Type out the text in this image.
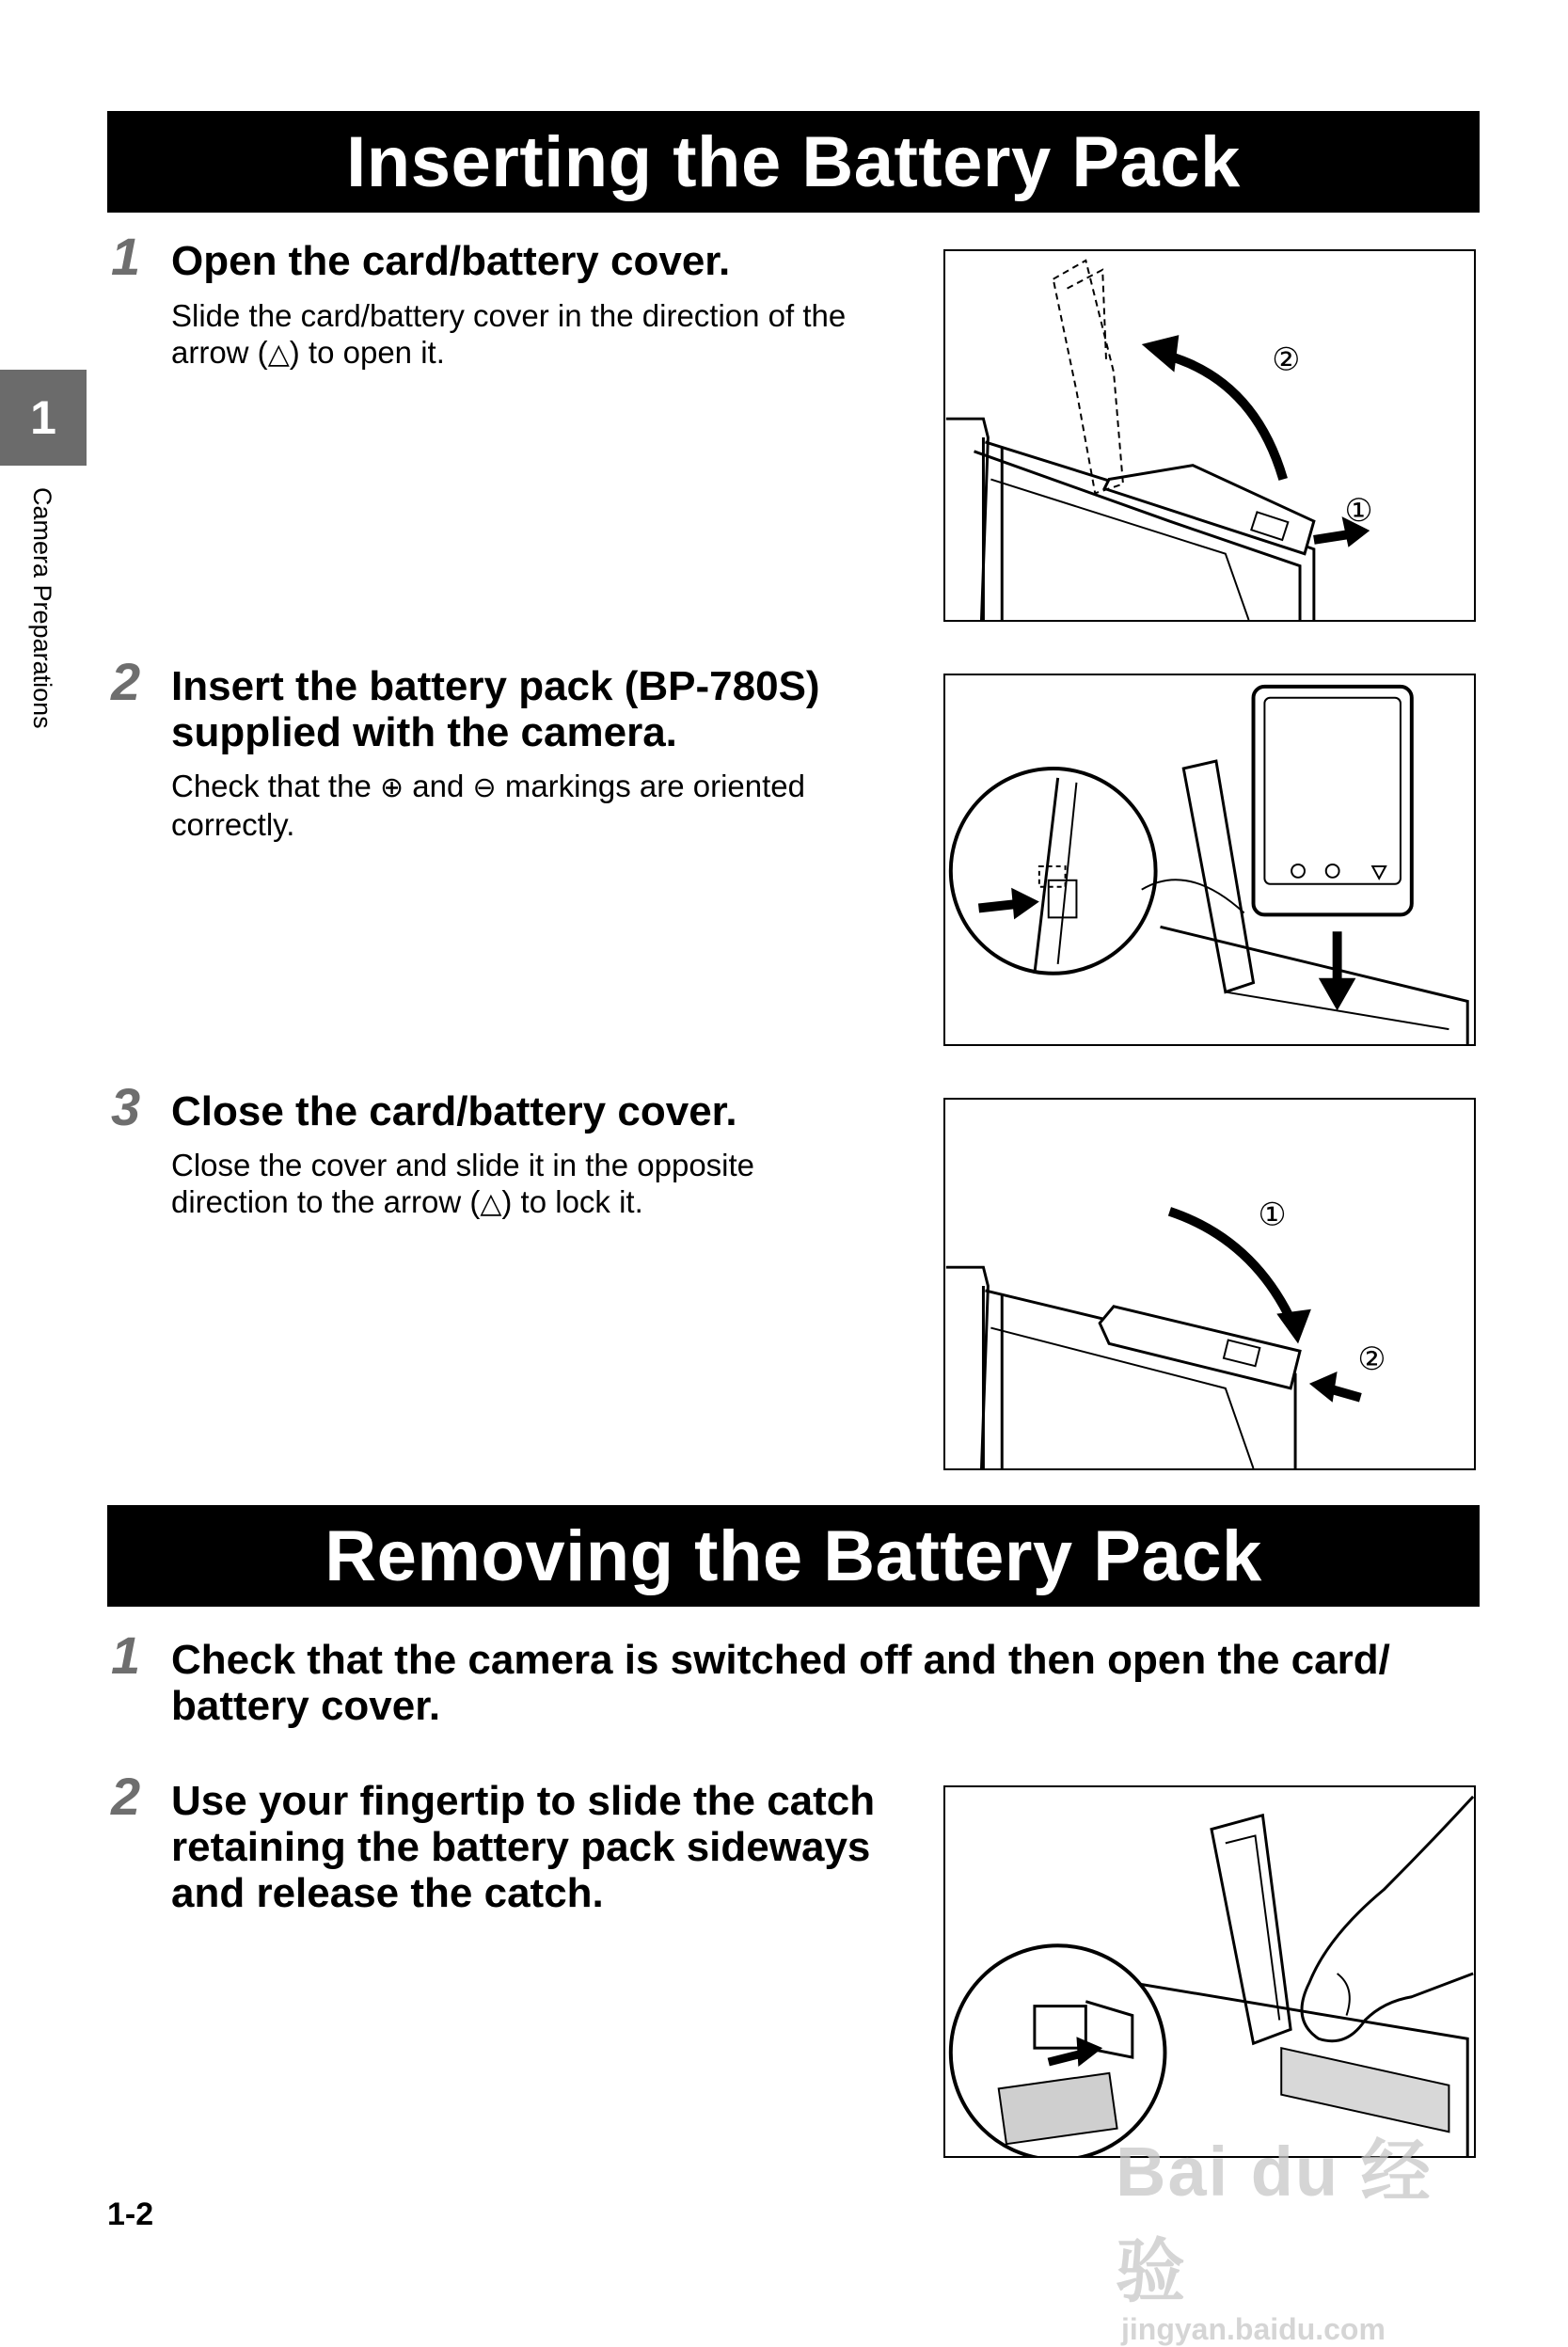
Inserting the Battery Pack
1
Camera Preparations
1 Open the card/battery cover.
Slide the card/battery cover in the direction of the
arrow (△) to open it.	②
①
2 Insert the battery pack (BP-780S)
supplied with the camera.
Check that the ⊕ and ⊖ markings are oriented
correctly.
3 Close the card/battery cover.
Close the cover and slide it in the opposite
direction to the arrow (△) to lock it.	①
②
Removing the Battery Pack
1 Check that the camera is switched off and then open the card/
battery cover.
2 Use your fingertip to slide the catch
retaining the battery pack sideways
and release the catch.
1-2
Bai du 经验
jingyan.baidu.com
